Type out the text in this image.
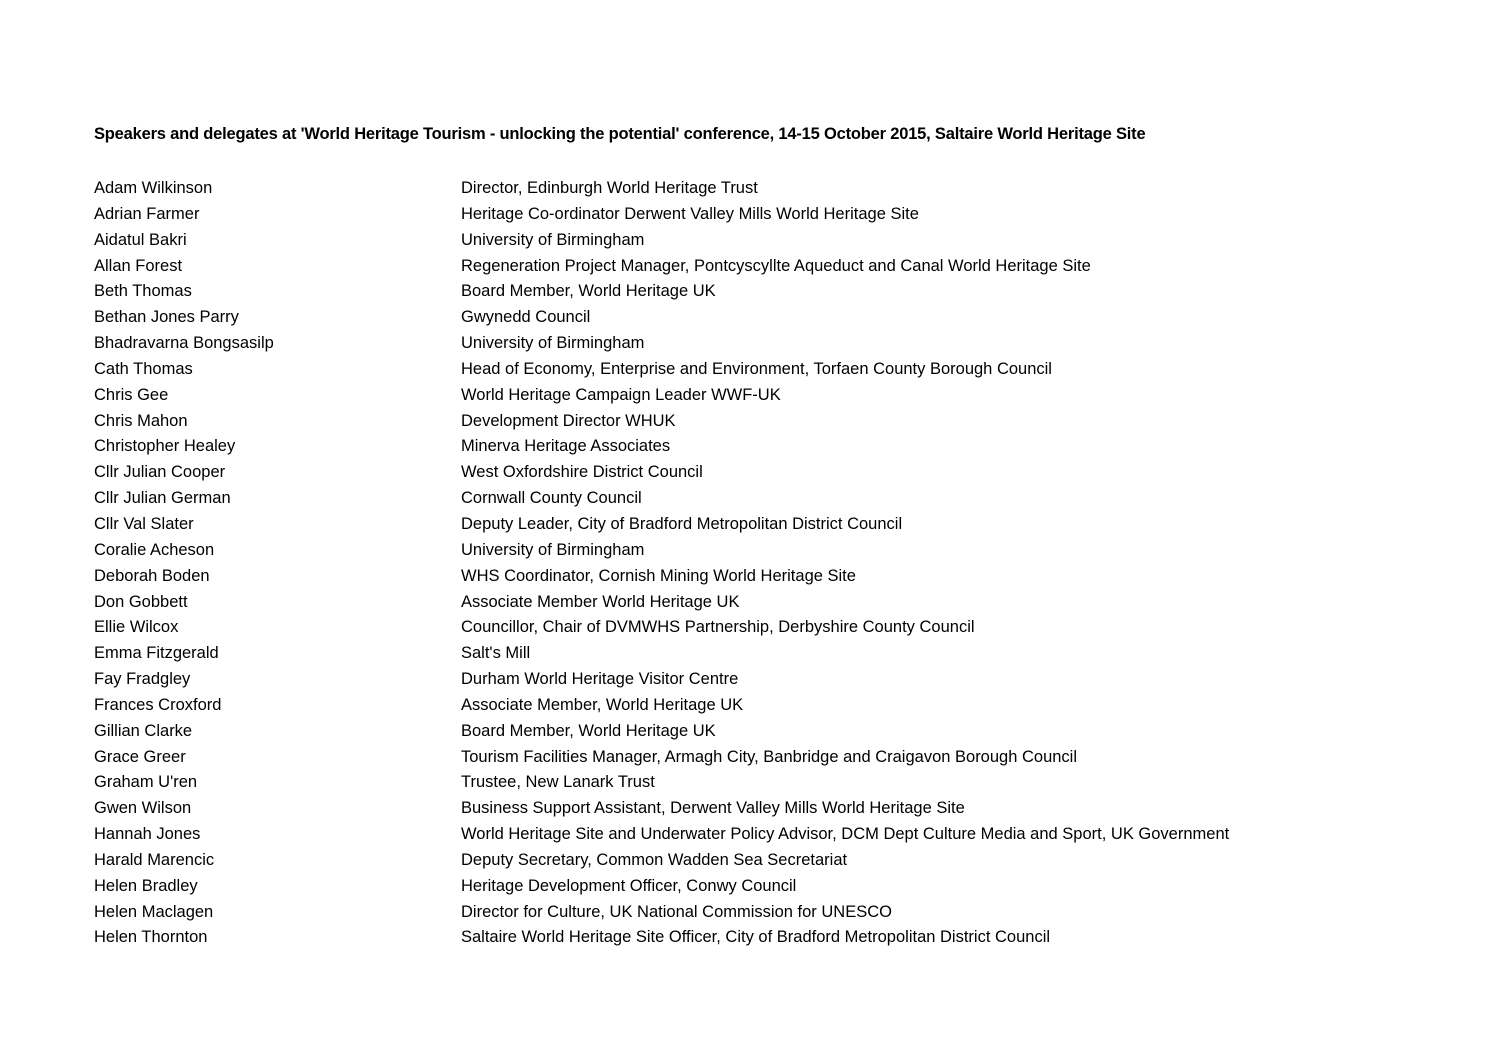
Speakers and delegates at 'World Heritage Tourism - unlocking the potential' conference, 14-15 October 2015, Saltaire World Heritage Site
Adam Wilkinson	Director, Edinburgh World Heritage Trust
Adrian Farmer	Heritage Co-ordinator Derwent Valley Mills World Heritage Site
Aidatul Bakri	University of Birmingham
Allan Forest	Regeneration Project Manager, Pontcyscyllte Aqueduct and Canal World Heritage Site
Beth Thomas	Board Member, World Heritage UK
Bethan Jones Parry	Gwynedd Council
Bhadravarna Bongsasilp	University of Birmingham
Cath Thomas	Head of Economy, Enterprise and Environment, Torfaen County Borough Council
Chris Gee	World Heritage Campaign Leader WWF-UK
Chris Mahon	Development Director WHUK
Christopher Healey	Minerva Heritage Associates
Cllr Julian Cooper	West Oxfordshire District Council
Cllr Julian German	Cornwall County Council
Cllr Val Slater	Deputy Leader, City of Bradford Metropolitan District Council
Coralie Acheson	University of Birmingham
Deborah Boden	WHS Coordinator, Cornish Mining World Heritage Site
Don Gobbett	Associate Member World Heritage UK
Ellie Wilcox	Councillor, Chair of DVMWHS Partnership, Derbyshire County Council
Emma Fitzgerald	Salt's Mill
Fay Fradgley	Durham World Heritage Visitor Centre
Frances Croxford	Associate Member, World Heritage UK
Gillian Clarke	Board Member, World Heritage UK
Grace Greer	Tourism Facilities Manager, Armagh City, Banbridge and Craigavon Borough Council
Graham U'ren	Trustee, New Lanark Trust
Gwen Wilson	Business Support Assistant, Derwent Valley Mills World Heritage Site
Hannah Jones	World Heritage Site and Underwater Policy Advisor, DCM Dept Culture Media and Sport, UK Government
Harald Marencic	Deputy Secretary, Common Wadden Sea Secretariat
Helen Bradley	Heritage Development Officer, Conwy Council
Helen Maclagen	Director for Culture, UK National Commission for UNESCO
Helen Thornton	Saltaire World Heritage Site Officer, City of Bradford Metropolitan District Council
